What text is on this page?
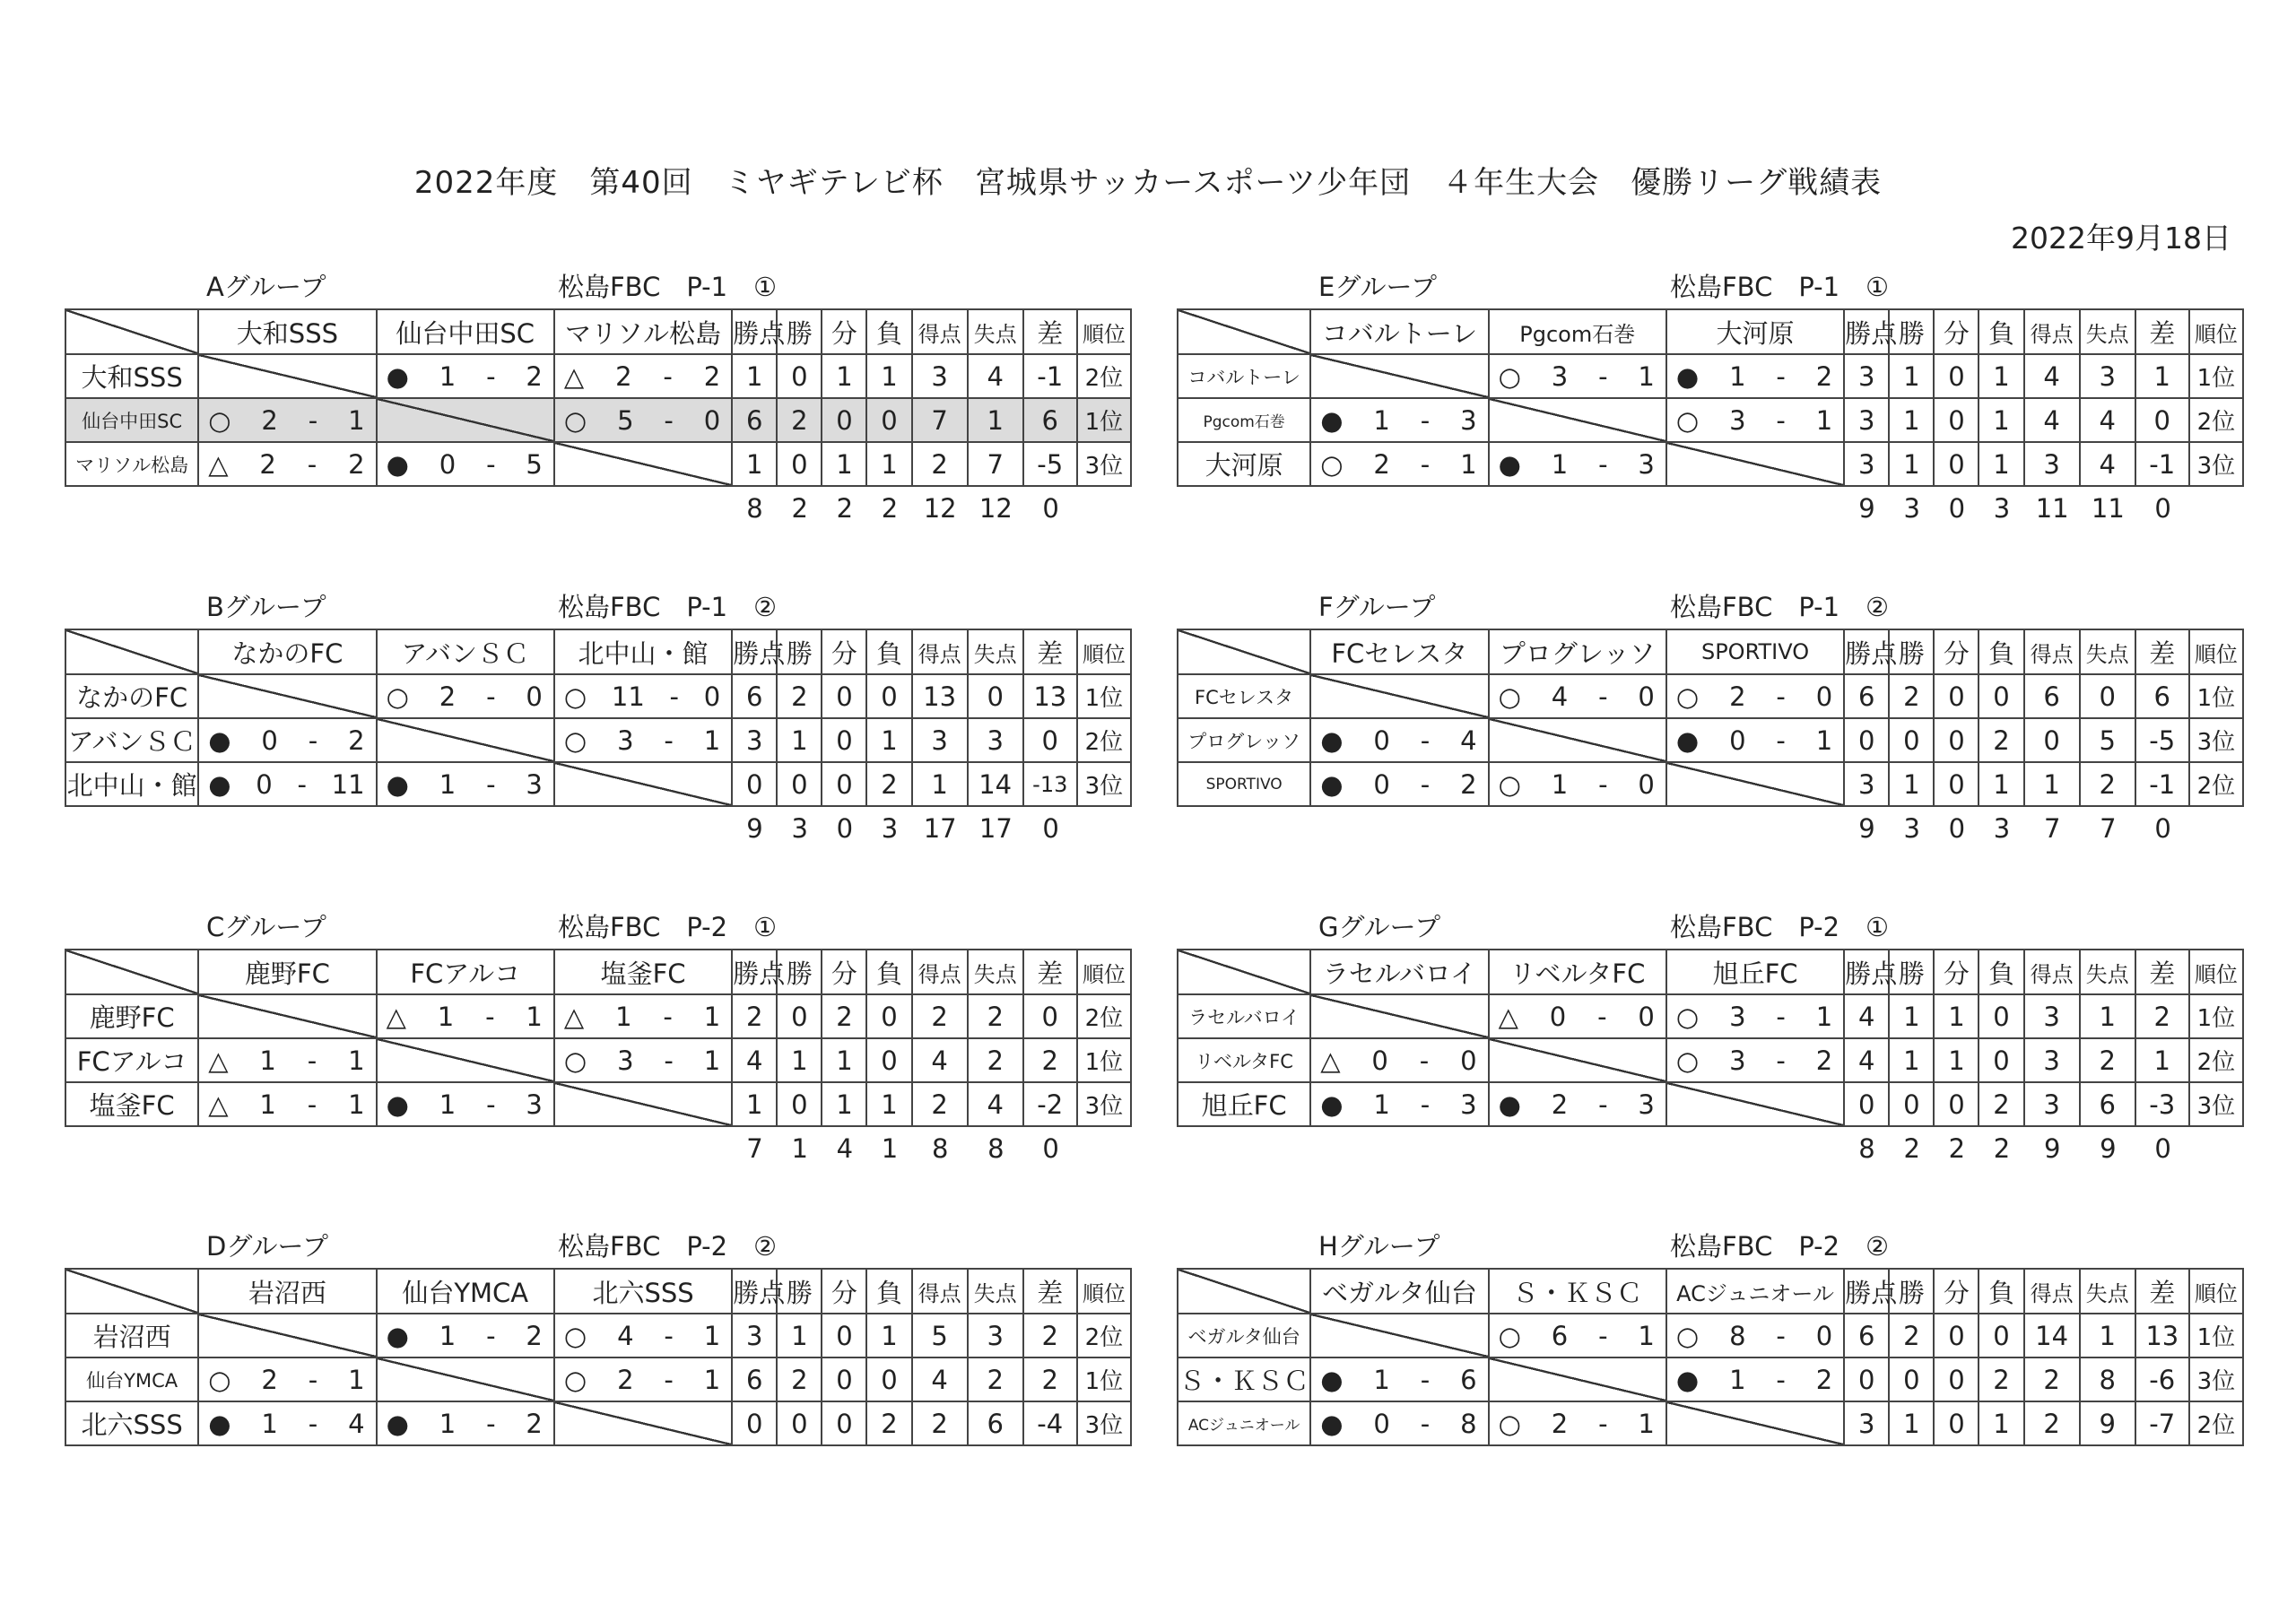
2022年度　第40回　ミヤギテレビ杯　宮城県サッカースポーツ少年団　４年生大会　優勝リーグ戦績表
2022年9月18日
Aグループ	松島FBC　P-1　①
	大和SSS	仙台中田SC	マリソル松島	勝点	勝	分	負	得点	失点	差	順位
大和SSS		● 1 - 2	△ 2 - 2	1	0	1	1	3	4	-1	2位
仙台中田SC	○ 2 - 1		○ 5 - 0	6	2	0	0	7	1	6	1位
マリソル松島	△ 2 - 2	● 0 - 5		1	0	1	1	2	7	-5	3位
				8	2	2	2	12	12	0	
Bグループ	松島FBC　P-1　②
	なかのFC	アバンＳＣ	北中山・館	勝点	勝	分	負	得点	失点	差	順位
なかのFC		○ 2 - 0	○ 11 - 0	6	2	0	0	13	0	13	1位
アバンＳＣ	● 0 - 2		○ 3 - 1	3	1	0	1	3	3	0	2位
北中山・館	● 0 - 11	● 1 - 3		0	0	0	2	1	14	-13	3位
				9	3	0	3	17	17	0	
Cグループ	松島FBC　P-2　①
	鹿野FC	FCアルコ	塩釜FC	勝点	勝	分	負	得点	失点	差	順位
鹿野FC		△ 1 - 1	△ 1 - 1	2	0	2	0	2	2	0	2位
FCアルコ	△ 1 - 1		○ 3 - 1	4	1	1	0	4	2	2	1位
塩釜FC	△ 1 - 1	● 1 - 3		1	0	1	1	2	4	-2	3位
				7	1	4	1	8	8	0	
Dグループ	松島FBC　P-2　②
	岩沼西	仙台YMCA	北六SSS	勝点	勝	分	負	得点	失点	差	順位
岩沼西		● 1 - 2	○ 4 - 1	3	1	0	1	5	3	2	2位
仙台YMCA	○ 2 - 1		○ 2 - 1	6	2	0	0	4	2	2	1位
北六SSS	● 1 - 4	● 1 - 2		0	0	0	2	2	6	-4	3位
Eグループ	松島FBC　P-1　①
	コバルトーレ	Pgcom石巻	大河原	勝点	勝	分	負	得点	失点	差	順位
コバルトーレ		○ 3 - 1	● 1 - 2	3	1	0	1	4	3	1	1位
Pgcom石巻	● 1 - 3		○ 3 - 1	3	1	0	1	4	4	0	2位
大河原	○ 2 - 1	● 1 - 3		3	1	0	1	3	4	-1	3位
				9	3	0	3	11	11	0	
Fグループ	松島FBC　P-1　②
	FCセレスタ	プログレッソ	SPORTIVO	勝点	勝	分	負	得点	失点	差	順位
FCセレスタ		○ 4 - 0	○ 2 - 0	6	2	0	0	6	0	6	1位
プログレッソ	● 0 - 4		● 0 - 1	0	0	0	2	0	5	-5	3位
SPORTIVO	● 0 - 2	○ 1 - 0		3	1	0	1	1	2	-1	2位
				9	3	0	3	7	7	0	
Gグループ	松島FBC　P-2　①
	ラセルバロイ	リベルタFC	旭丘FC	勝点	勝	分	負	得点	失点	差	順位
ラセルバロイ		△ 0 - 0	○ 3 - 1	4	1	1	0	3	1	2	1位
リベルタFC	△ 0 - 0		○ 3 - 2	4	1	1	0	3	2	1	2位
旭丘FC	● 1 - 3	● 2 - 3		0	0	0	2	3	6	-3	3位
				8	2	2	2	9	9	0	
Hグループ	松島FBC　P-2　②
	ベガルタ仙台	Ｓ・ＫＳＣ	ACジュニオール	勝点	勝	分	負	得点	失点	差	順位
ベガルタ仙台		○ 6 - 1	○ 8 - 0	6	2	0	0	14	1	13	1位
Ｓ・ＫＳＣ	● 1 - 6		● 1 - 2	0	0	0	2	2	8	-6	3位
ACジュニオール	● 0 - 8	○ 2 - 1		3	1	0	1	2	9	-7	2位
